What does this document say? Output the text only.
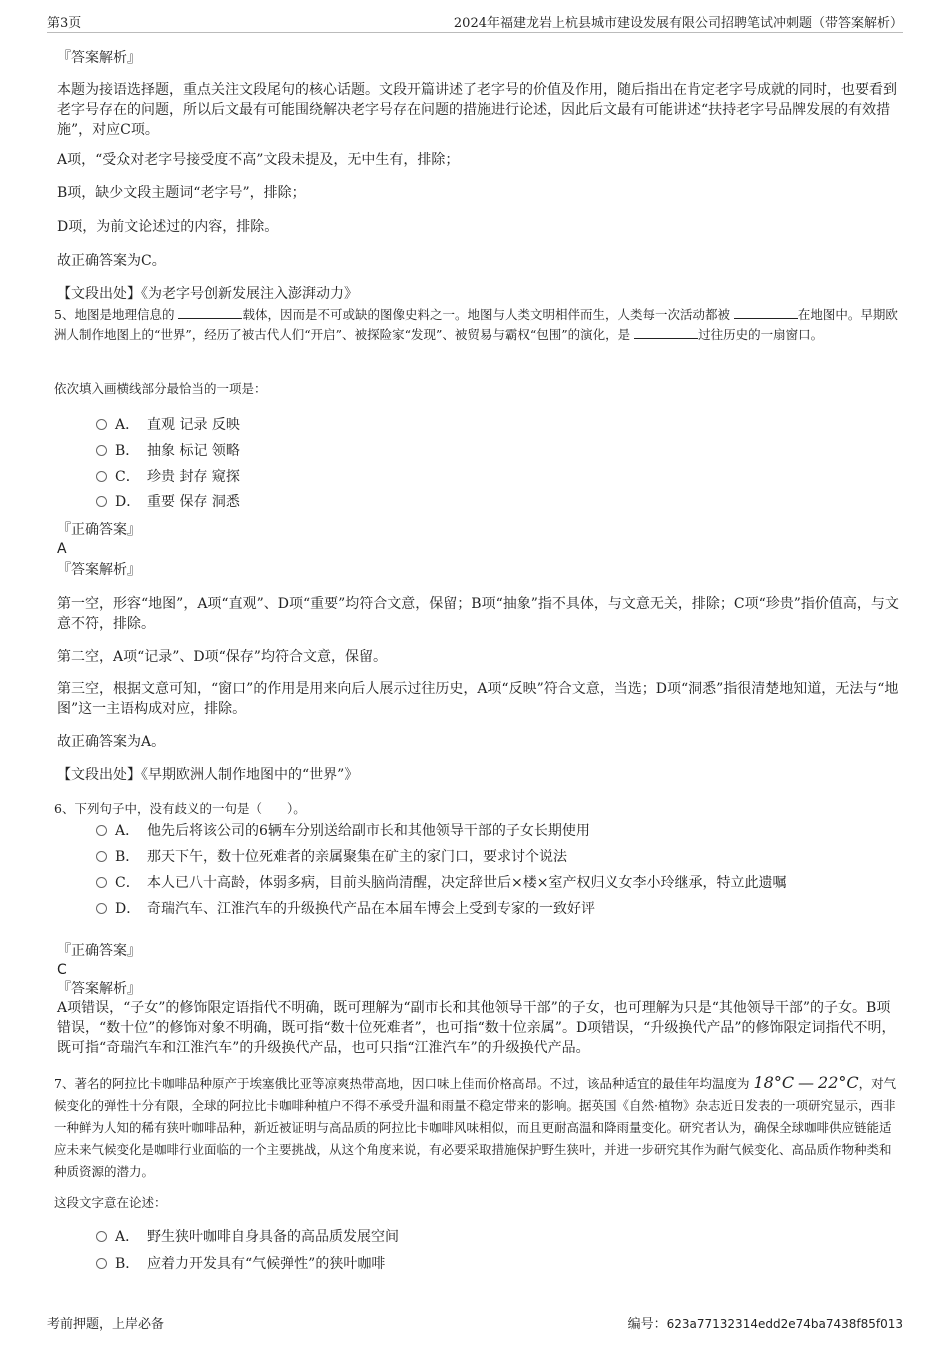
第3页	2024年福建龙岩上杭县城市建设发展有限公司招聘笔试冲刺题（带答案解析）

『答案解析』

本题为接语选择题，重点关注文段尾句的核心话题。文段开篇讲述了老字号的价值及作用，随后指出在肯定老字号成就的同时，也要看到老字号存在的问题，所以后文最有可能围绕解决老字号存在问题的措施进行论述，因此后文最有可能讲述“扶持老字号品牌发展的有效措施”，对应C项。

A项，“受众对老字号接受度不高”文段未提及，无中生有，排除；

B项，缺少文段主题词“老字号”，排除；

D项，为前文论述过的内容，排除。

故正确答案为C。

【文段出处】《为老字号创新发展注入澎湃动力》

5、地图是地理信息的	载体，因而是不可或缺的图像史料之一。地图与人类文明相伴而生，人类每一次活动都被	在地图中。早期欧洲人制作地图上的“世界”，经历了被古代人们“开启”、被探险家“发现”、被贸易与霸权“包围”的演化，是	过往历史的一扇窗口。

依次填入画横线部分最恰当的一项是：

A． 直观 记录 反映
B． 抽象 标记 领略
C． 珍贵 封存 窥探
D． 重要 保存 洞悉

『正确答案』

A

『答案解析』

第一空，形容“地图”，A项“直观”、D项“重要”均符合文意，保留；B项“抽象”指不具体，与文意无关，排除；C项“珍贵”指价值高，与文意不符，排除。

第二空，A项“记录”、D项“保存”均符合文意，保留。

第三空，根据文意可知，“窗口”的作用是用来向后人展示过往历史，A项“反映”符合文意，当选；D项“洞悉”指很清楚地知道，无法与“地图”这一主语构成对应，排除。

故正确答案为A。

【文段出处】《早期欧洲人制作地图中的“世界”》

6、下列句子中，没有歧义的一句是（　　）。

A． 他先后将该公司的6辆车分别送给副市长和其他领导干部的子女长期使用
B． 那天下午，数十位死难者的亲属聚集在矿主的家门口，要求讨个说法
C． 本人已八十高龄，体弱多病，目前头脑尚清醒，决定辞世后×楼×室产权归义女李小玲继承，特立此遗嘱
D． 奇瑞汽车、江淮汽车的升级换代产品在本届车博会上受到专家的一致好评

『正确答案』

C

『答案解析』

A项错误，“子女”的修饰限定语指代不明确，既可理解为“副市长和其他领导干部”的子女，也可理解为只是“其他领导干部”的子女。B项错误，“数十位”的修饰对象不明确，既可指“数十位死难者”，也可指“数十位亲属”。D项错误，“升级换代产品”的修饰限定词指代不明，既可指“奇瑞汽车和江淮汽车”的升级换代产品，也可只指“江淮汽车”的升级换代产品。

7、著名的阿拉比卡咖啡品种原产于埃塞俄比亚等凉爽热带高地，因口味上佳而价格高昂。不过，该品种适宜的最佳年均温度为 18°C — 22°C，对气候变化的弹性十分有限，全球的阿拉比卡咖啡种植户不得不承受升温和雨量不稳定带来的影响。据英国《自然·植物》杂志近日发表的一项研究显示，西非一种鲜为人知的稀有狭叶咖啡品种，新近被证明与高品质的阿拉比卡咖啡风味相似，而且更耐高温和降雨量变化。研究者认为，确保全球咖啡供应链能适应未来气候变化是咖啡行业面临的一个主要挑战，从这个角度来说，有必要采取措施保护野生狭叶，并进一步研究其作为耐气候变化、高品质作物种类和种质资源的潜力。

这段文字意在论述：

A． 野生狭叶咖啡自身具备的高品质发展空间
B． 应着力开发具有“气候弹性”的狭叶咖啡
考前押题，上岸必备	编号：623a77132314edd2e74ba7438f85f013
